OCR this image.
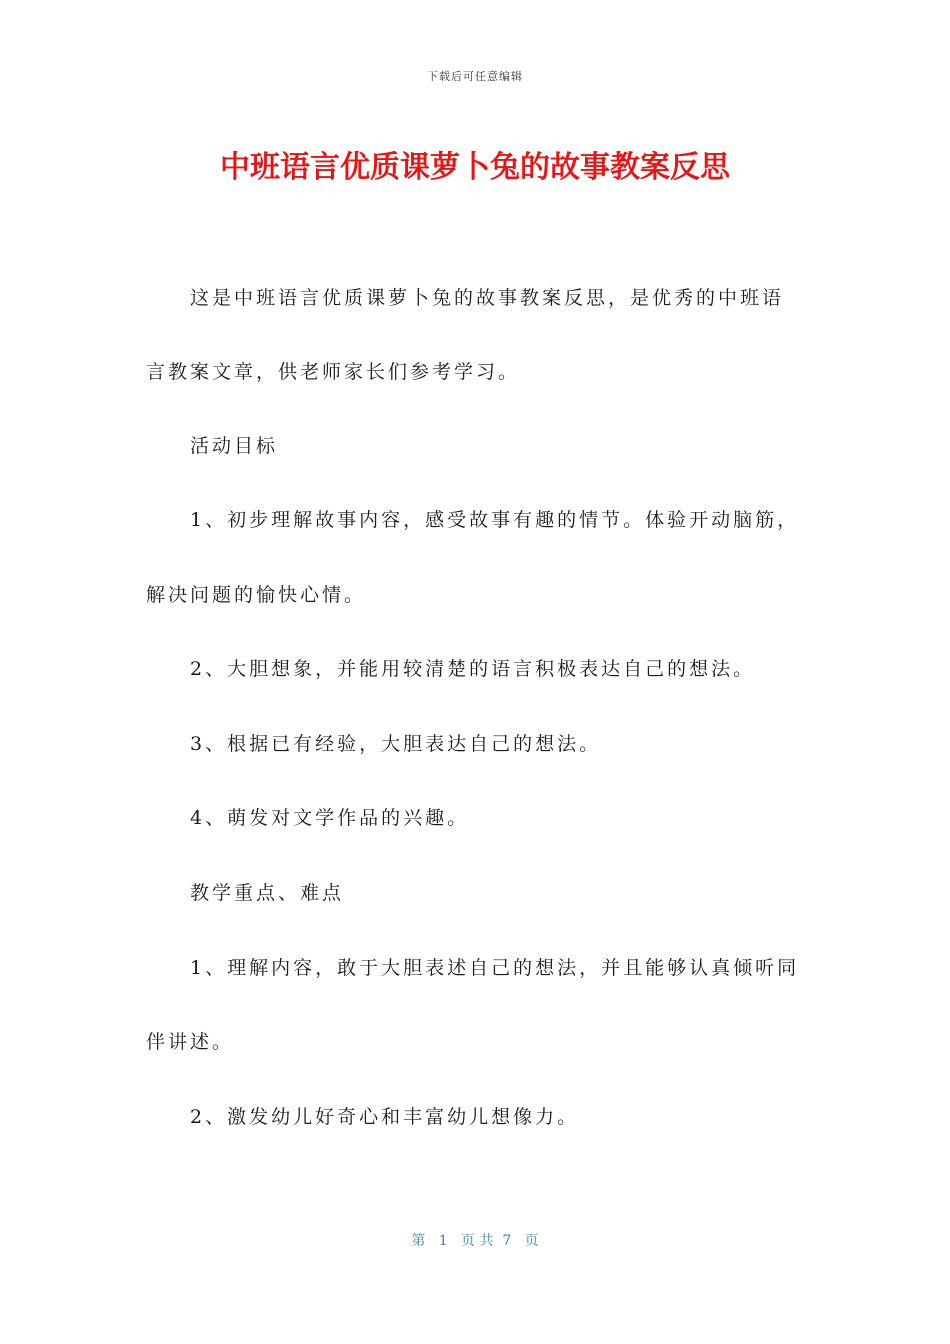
下载后可任意编辑
中班语言优质课萝卜兔的故事教案反思

这是中班语言优质课萝卜兔的故事教案反思，是优秀的中班语

言教案文章，供老师家长们参考学习。

活动目标

1、初步理解故事内容，感受故事有趣的情节。体验开动脑筋，

解决问题的愉快心情。

2、大胆想象，并能用较清楚的语言积极表达自己的想法。

3、根据已有经验，大胆表达自己的想法。

4、萌发对文学作品的兴趣。

教学重点、难点

1、理解内容，敢于大胆表述自己的想法，并且能够认真倾听同

伴讲述。

2、激发幼儿好奇心和丰富幼儿想像力。

第 1 页 共 7 页
